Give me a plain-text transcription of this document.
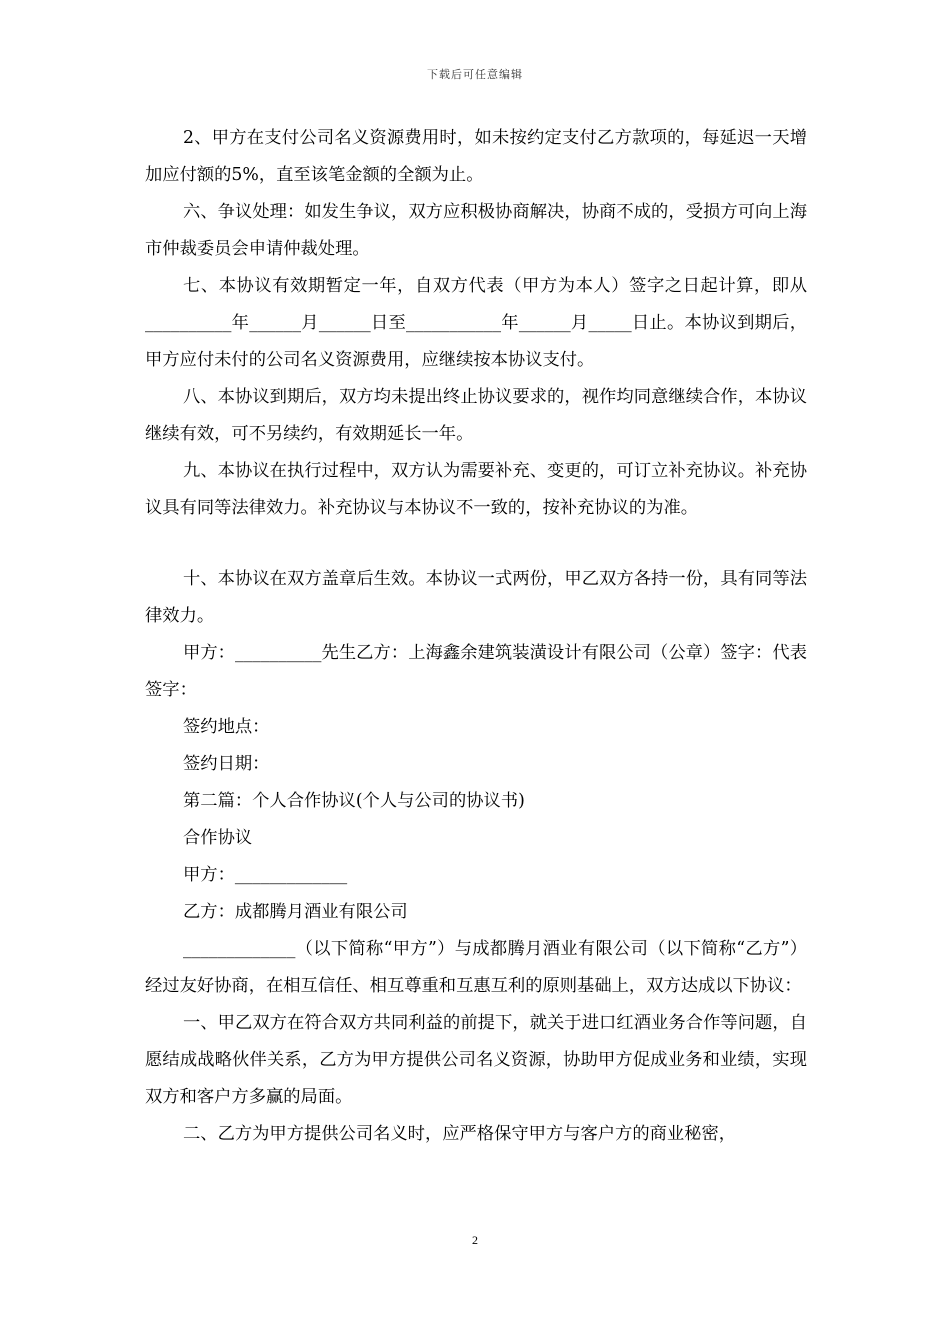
下载后可任意编辑

2、甲方在支付公司名义资源费用时，如未按约定支付乙方款项的，每延迟一天增加应付额的5%，直至该笔金额的全额为止。

六、争议处理：如发生争议，双方应积极协商解决，协商不成的，受损方可向上海市仲裁委员会申请仲裁处理。

七、本协议有效期暂定一年，自双方代表（甲方为本人）签字之日起计算，即从__________年______月______日至___________年______月_____日止。本协议到期后，甲方应付未付的公司名义资源费用，应继续按本协议支付。

八、本协议到期后，双方均未提出终止协议要求的，视作均同意继续合作，本协议继续有效，可不另续约，有效期延长一年。

九、本协议在执行过程中，双方认为需要补充、变更的，可订立补充协议。补充协议具有同等法律效力。补充协议与本协议不一致的，按补充协议的为准。

十、本协议在双方盖章后生效。本协议一式两份，甲乙双方各持一份，具有同等法律效力。

甲方：__________先生乙方：上海鑫余建筑装潢设计有限公司（公章）签字：代表签字：

签约地点：

签约日期：

第二篇：个人合作协议(个人与公司的协议书)

合作协议

甲方：_____________

乙方：成都腾月酒业有限公司

_____________（以下简称“甲方”）与成都腾月酒业有限公司（以下简称“乙方”）经过友好协商，在相互信任、相互尊重和互惠互利的原则基础上，双方达成以下协议：

一、甲乙双方在符合双方共同利益的前提下，就关于进口红酒业务合作等问题，自愿结成战略伙伴关系，乙方为甲方提供公司名义资源，协助甲方促成业务和业绩，实现双方和客户方多赢的局面。

二、乙方为甲方提供公司名义时，应严格保守甲方与客户方的商业秘密，

2
